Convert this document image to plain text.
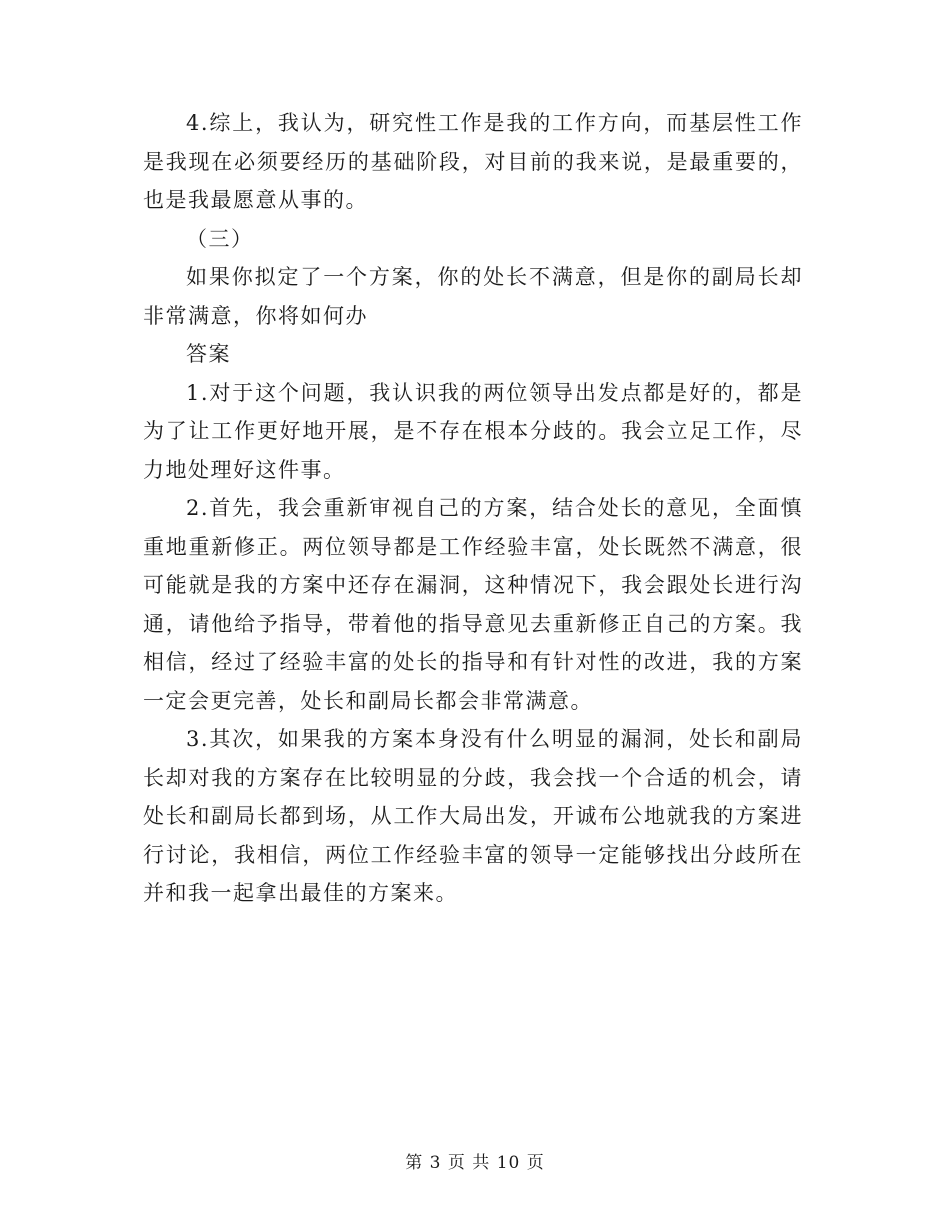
4.综上，我认为，研究性工作是我的工作方向，而基层性工作是我现在必须要经历的基础阶段，对目前的我来说，是最重要的，也是我最愿意从事的。

（三）

如果你拟定了一个方案，你的处长不满意，但是你的副局长却非常满意，你将如何办

答案

1.对于这个问题，我认识我的两位领导出发点都是好的，都是为了让工作更好地开展，是不存在根本分歧的。我会立足工作，尽力地处理好这件事。

2.首先，我会重新审视自己的方案，结合处长的意见，全面慎重地重新修正。两位领导都是工作经验丰富，处长既然不满意，很可能就是我的方案中还存在漏洞，这种情况下，我会跟处长进行沟通，请他给予指导，带着他的指导意见去重新修正自己的方案。我相信，经过了经验丰富的处长的指导和有针对性的改进，我的方案一定会更完善，处长和副局长都会非常满意。

3.其次，如果我的方案本身没有什么明显的漏洞，处长和副局长却对我的方案存在比较明显的分歧，我会找一个合适的机会，请处长和副局长都到场，从工作大局出发，开诚布公地就我的方案进行讨论，我相信，两位工作经验丰富的领导一定能够找出分歧所在并和我一起拿出最佳的方案来。

第 3 页 共 10 页
